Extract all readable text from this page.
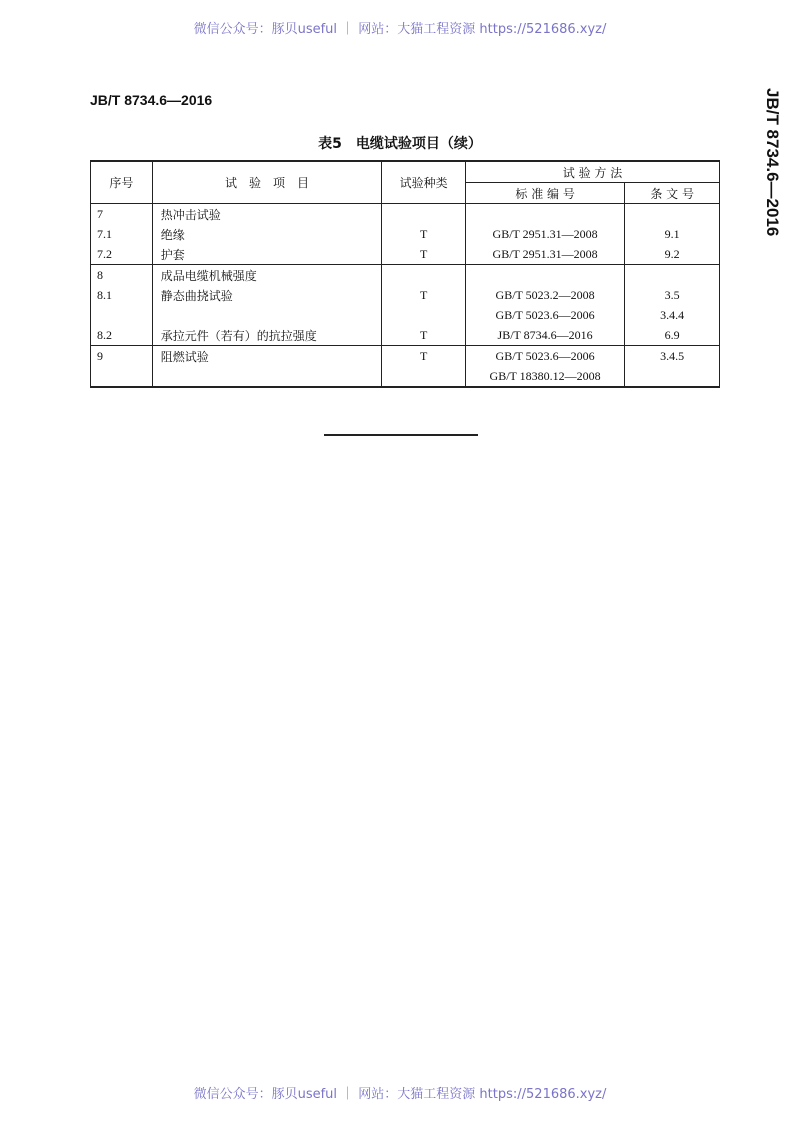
微信公众号：豚贝useful ｜ 网站：大猫工程资源 https://521686.xyz/
JB/T 8734.6—2016	JB/T 8734.6—2016
表5　电缆试验项目（续）
序号	试　验　项　目	试验种类	试 验 方 法	
			标 准 编 号	条 文 号
7	热冲击试验			
7.1	绝缘	T	GB/T 2951.31—2008	9.1
7.2	护套	T	GB/T 2951.31—2008	9.2
8	成品电缆机械强度			
8.1	静态曲挠试验	T	GB/T 5023.2—2008	3.5
			GB/T 5023.6—2006	3.4.4
8.2	承拉元件（若有）的抗拉强度	T	JB/T 8734.6—2016	6.9
9	阻燃试验	T	GB/T 5023.6—2006	3.4.5
			GB/T 18380.12—2008	
微信公众号：豚贝useful ｜ 网站：大猫工程资源 https://521686.xyz/
